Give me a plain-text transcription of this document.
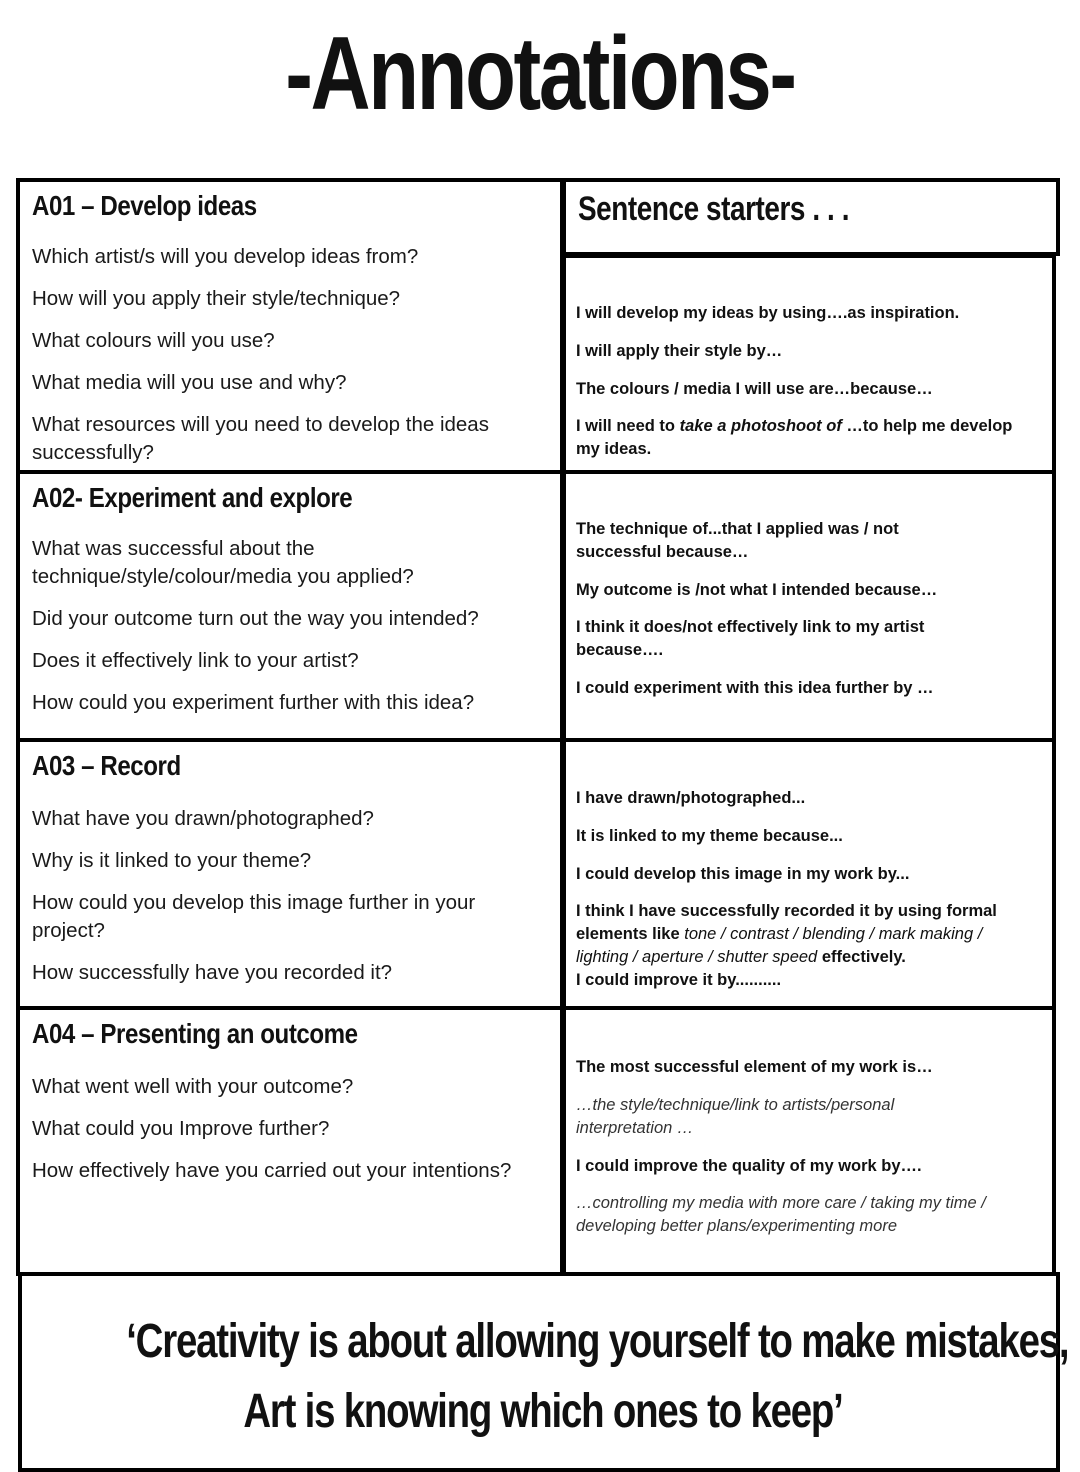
-Annotations-
A01 – Develop ideas
Which artist/s will you develop ideas from?
How will you apply their style/technique?
What colours will you use?
What media will you use and why?
What resources will you need to develop the ideas successfully?
A02- Experiment and explore
What was successful about the technique/style/colour/media you applied?
Did your outcome turn out the way you intended?
Does it effectively link to your artist?
How could you experiment further with this idea?
A03 – Record
What have you drawn/photographed?
Why is it linked to your theme?
How could you develop this image further in your project?
How successfully have you recorded it?
A04 – Presenting an outcome
What went well with your outcome?
What could you Improve further?
How effectively have you carried out your intentions?
Sentence starters . . .
I will develop my ideas by using….as inspiration.
I will apply their style by…
The colours / media I will use are…because…
I will need to take a photoshoot of …to help me develop my ideas.
The technique of...that I applied was / not successful because…
My outcome is /not what I intended because…
I think it does/not effectively link to my artist because….
I could experiment with this idea further by …
I have drawn/photographed...
It is linked to my theme because...
I could develop this image in my work by...
I think I have successfully recorded it by using formal elements like tone / contrast / blending / mark making / lighting / aperture / shutter speed effectively.
I could improve it by..........
The most successful element of my work is…
…the style/technique/link to artists/personal interpretation …
I could improve the quality of my work by….
…controlling my media with more care / taking my time / developing better plans/experimenting more
‘Creativity is about allowing yourself to make mistakes,
Art is knowing which ones to keep’
